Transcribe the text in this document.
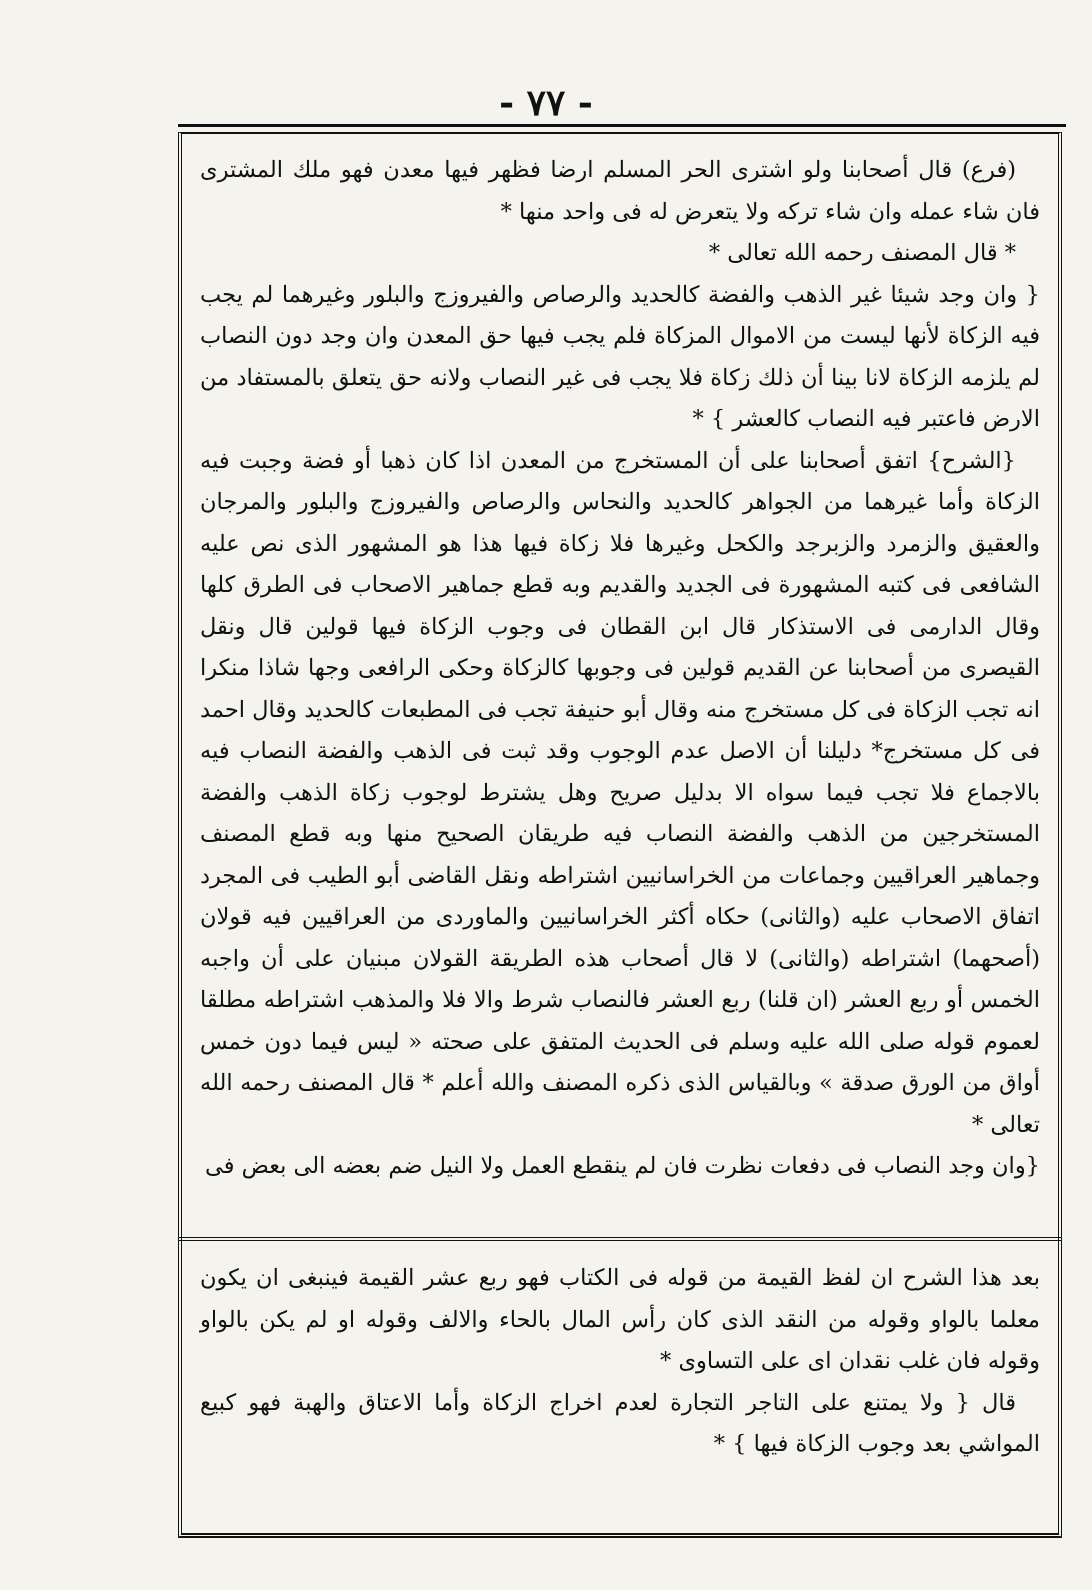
- ٧٧ -

(فرع) قال أصحابنا ولو اشترى الحر المسلم ارضا فظهر فيها معدن فهو ملك المشترى فان شاء عمله وان شاء تركه ولا يتعرض له فى واحد منها *

* قال المصنف رحمه الله تعالى *

{ وان وجد شيئا غير الذهب والفضة كالحديد والرصاص والفيروزج والبلور وغيرهما لم يجب فيه الزكاة لأنها ليست من الاموال المزكاة فلم يجب فيها حق المعدن وان وجد دون النصاب لم يلزمه الزكاة لانا بينا أن ذلك زكاة فلا يجب فى غير النصاب ولانه حق يتعلق بالمستفاد من الارض فاعتبر فيه النصاب كالعشر } *

{الشرح} اتفق أصحابنا على أن المستخرج من المعدن اذا كان ذهبا أو فضة وجبت فيه الزكاة وأما غيرهما من الجواهر كالحديد والنحاس والرصاص والفيروزج والبلور والمرجان والعقيق والزمرد والزبرجد والكحل وغيرها فلا زكاة فيها هذا هو المشهور الذى نص عليه الشافعى فى كتبه المشهورة فى الجديد والقديم وبه قطع جماهير الاصحاب فى الطرق كلها وقال الدارمى فى الاستذكار قال ابن القطان فى وجوب الزكاة فيها قولين قال ونقل القيصرى من أصحابنا عن القديم قولين فى وجوبها كالزكاة وحكى الرافعى وجها شاذا منكرا انه تجب الزكاة فى كل مستخرج منه وقال أبو حنيفة تجب فى المطبعات كالحديد وقال احمد فى كل مستخرج* دليلنا أن الاصل عدم الوجوب وقد ثبت فى الذهب والفضة النصاب فيه بالاجماع فلا تجب فيما سواه الا بدليل صريح وهل يشترط لوجوب زكاة الذهب والفضة المستخرجين من الذهب والفضة النصاب فيه طريقان الصحيح منها وبه قطع المصنف وجماهير العراقيين وجماعات من الخراسانيين اشتراطه ونقل القاضى أبو الطيب فى المجرد اتفاق الاصحاب عليه (والثانى) حكاه أكثر الخراسانيين والماوردى من العراقيين فيه قولان (أصحهما) اشتراطه (والثانى) لا قال أصحاب هذه الطريقة القولان مبنيان على أن واجبه الخمس أو ربع العشر (ان قلنا) ربع العشر فالنصاب شرط والا فلا والمذهب اشتراطه مطلقا لعموم قوله صلى الله عليه وسلم فى الحديث المتفق على صحته « ليس فيما دون خمس أواق من الورق صدقة » وبالقياس الذى ذكره المصنف والله أعلم * قال المصنف رحمه الله تعالى *

{وان وجد النصاب فى دفعات نظرت فان لم ينقطع العمل ولا النيل ضم بعضه الى بعض فى

بعد هذا الشرح ان لفظ القيمة من قوله فى الكتاب فهو ربع عشر القيمة فينبغى ان يكون معلما بالواو وقوله من النقد الذى كان رأس المال بالحاء والالف وقوله او لم يكن بالواو وقوله فان غلب نقدان اى على التساوى *

قال { ولا يمتنع على التاجر التجارة لعدم اخراج الزكاة وأما الاعتاق والهبة فهو كبيع المواشي بعد وجوب الزكاة فيها } *
